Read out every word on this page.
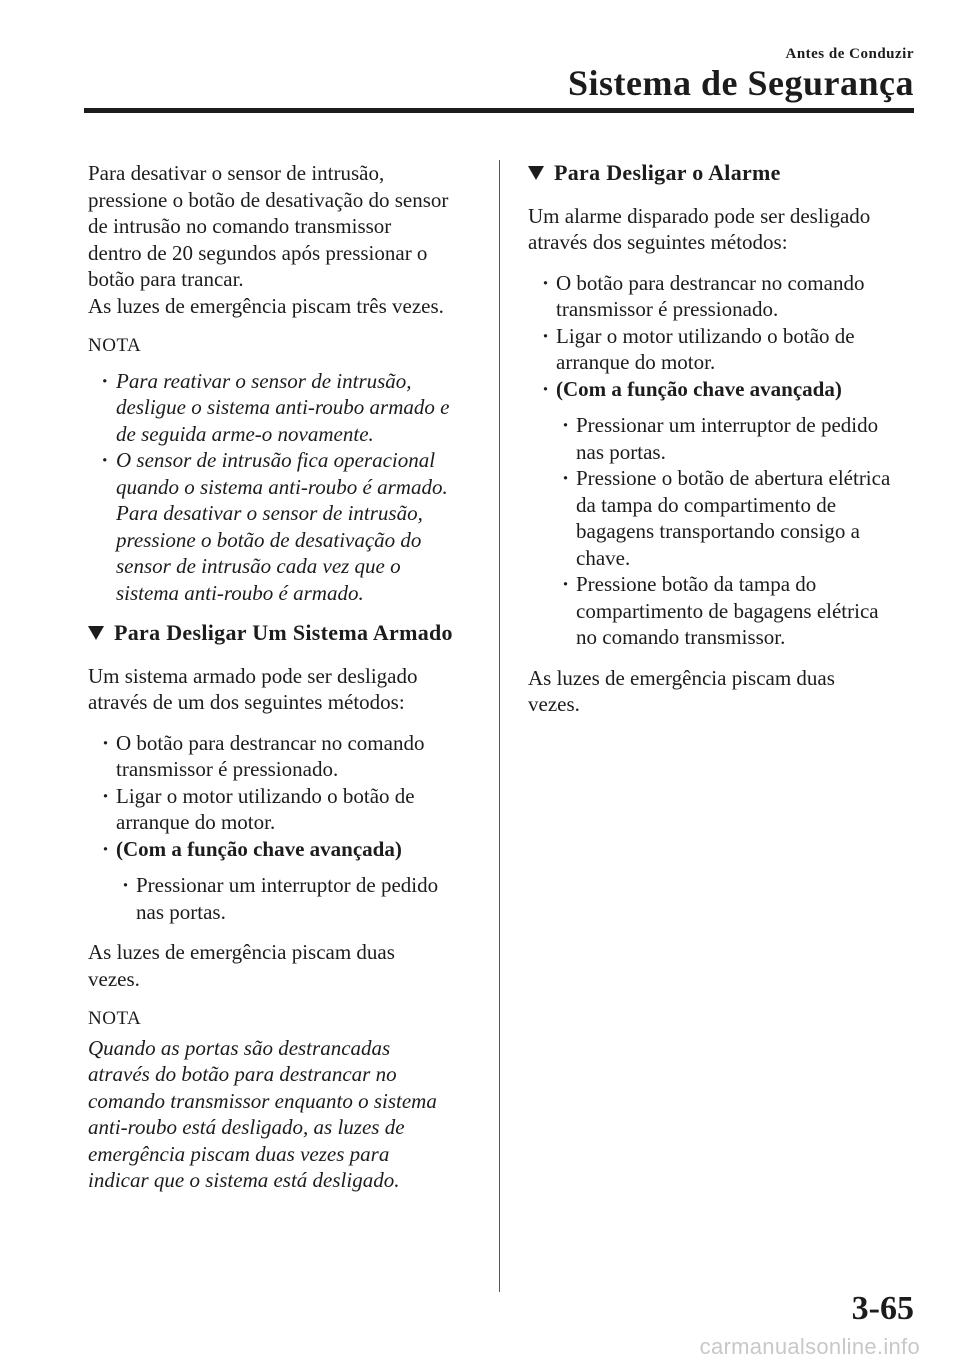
Antes de Conduzir
Sistema de Segurança

Para desativar o sensor de intrusão,
pressione o botão de desativação do sensor
de intrusão no comando transmissor
dentro de 20 segundos após pressionar o
botão para trancar.
As luzes de emergência piscam três vezes.

NOTA
· Para reativar o sensor de intrusão,
desligue o sistema anti-roubo armado e
de seguida arme-o novamente.
· O sensor de intrusão fica operacional
quando o sistema anti-roubo é armado.
Para desativar o sensor de intrusão,
pressione o botão de desativação do
sensor de intrusão cada vez que o
sistema anti-roubo é armado.
Para Desligar Um Sistema Armado

Um sistema armado pode ser desligado
através de um dos seguintes métodos:

· O botão para destrancar no comando
transmissor é pressionado.
· Ligar o motor utilizando o botão de
arranque do motor.
· (Com a função chave avançada)
· Pressionar um interruptor de pedido
nas portas.

As luzes de emergência piscam duas
vezes.

NOTA

Quando as portas são destrancadas
através do botão para destrancar no
comando transmissor enquanto o sistema
anti-roubo está desligado, as luzes de
emergência piscam duas vezes para
indicar que o sistema está desligado.

Para Desligar o Alarme

Um alarme disparado pode ser desligado
através dos seguintes métodos:

· O botão para destrancar no comando
transmissor é pressionado.
· Ligar o motor utilizando o botão de
arranque do motor.
· (Com a função chave avançada)
· Pressionar um interruptor de pedido
nas portas.
· Pressione o botão de abertura elétrica
da tampa do compartimento de
bagagens transportando consigo a
chave.
· Pressione botão da tampa do
compartimento de bagagens elétrica
no comando transmissor.

As luzes de emergência piscam duas
vezes.

3-65
carmanualsonline.info
